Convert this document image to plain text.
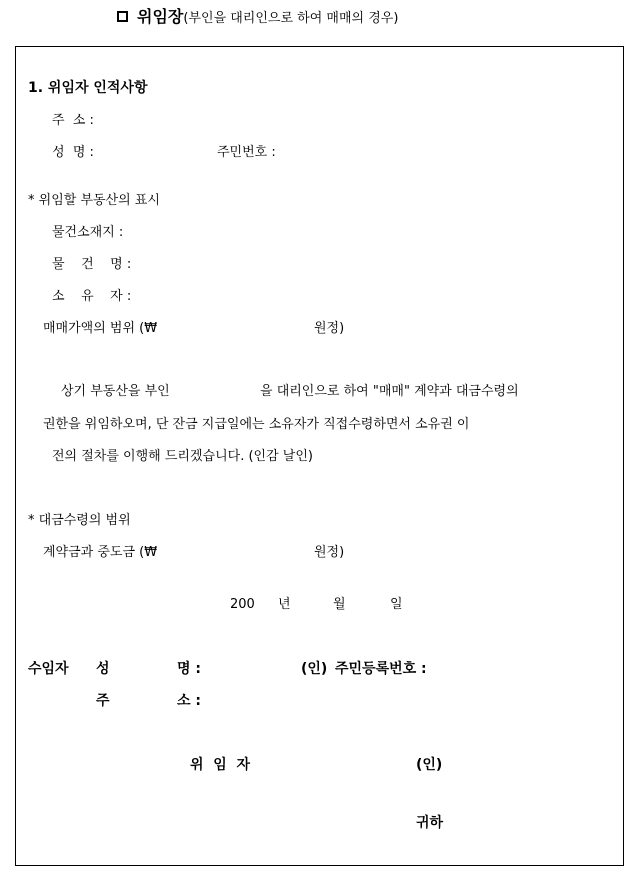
위임장(부인을 대리인으로 하여 매매의 경우)
1. 위임자 인적사항
주  소 :
성  명 :	주민번호 :
* 위임할 부동산의 표시
물건소재지 :
물    건    명 :
소    유    자 :
매매가액의 범위 (₩	원정)
상기 부동산을 부인	을 대리인으로 하여 "매매" 계약과 대금수령의
권한을 위임하오며, 단 잔금 지급일에는 소유자가 직접수령하면서 소유권 이
전의 절차를 이행해 드리겠습니다. (인감 날인)
* 대금수령의 범위
계약금과 중도금 (₩	원정)
200 년	월	일
수임자 성	명 :	(인) 주민등록번호 :
주	소 :
위  임  자	(인)
귀하
